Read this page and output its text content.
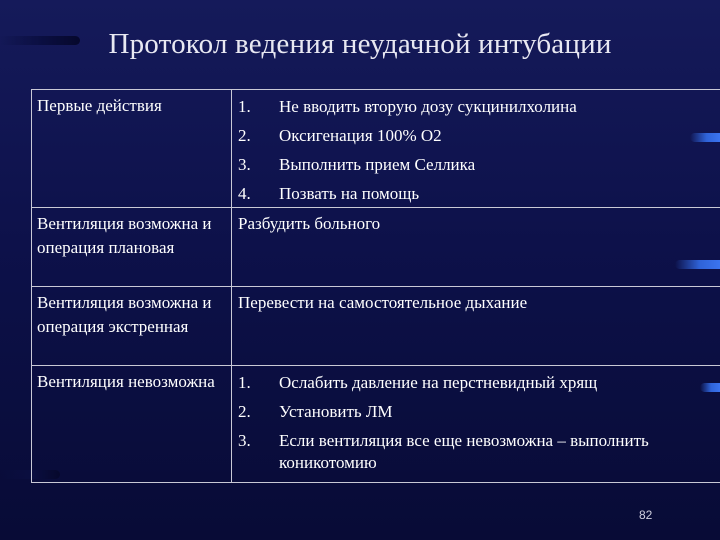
Протокол ведения неудачной интубации
Первые действия	1. Не вводить вторую дозу сукцинилхолина
2. Оксигенация 100% О2
3. Выполнить прием Селлика
4. Позвать на помощь
Вентиляция возможна и операция плановая
Разбудить больного
Вентиляция возможна и операция экстренная
Перевести на самостоятельное дыхание
Вентиляция невозможна	1. Ослабить давление на перстневидный хрящ
2. Установить ЛМ
3. Если вентиляция все еще невозможна – выполнить коникотомию
82
